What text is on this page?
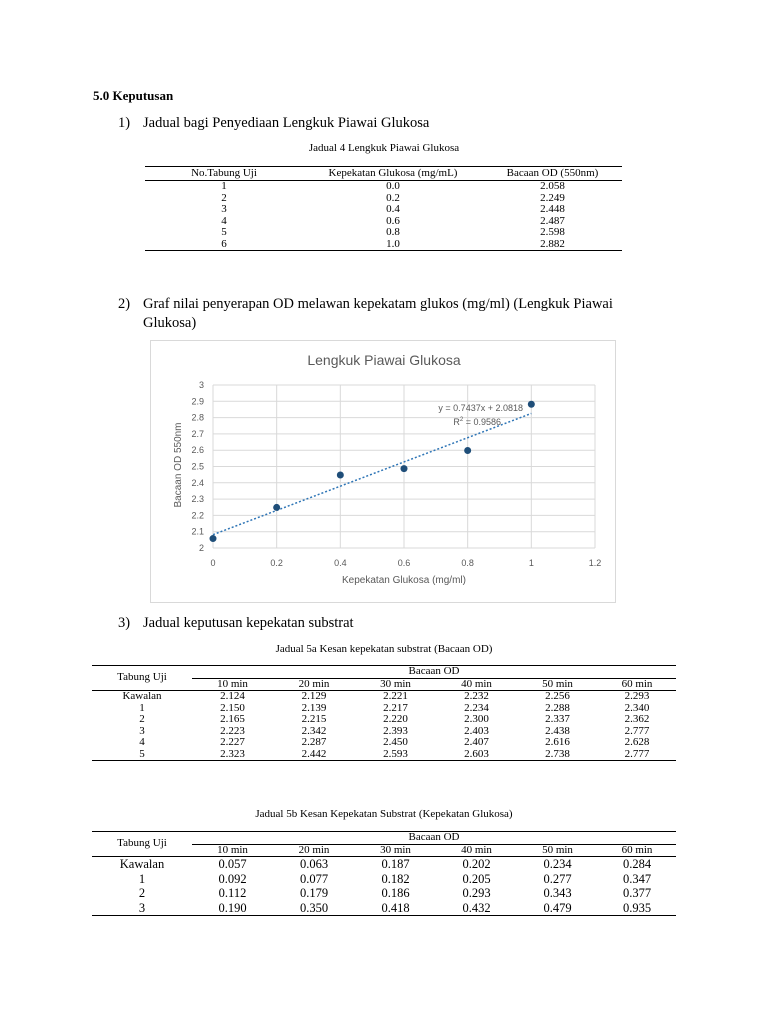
5.0 Keputusan
1) Jadual bagi Penyediaan Lengkuk Piawai Glukosa
Jadual 4 Lengkuk Piawai Glukosa
No.Tabung Uji	Kepekatan Glukosa (mg/mL)	Bacaan OD (550nm)
1	0.0	2.058
2	0.2	2.249
3	0.4	2.448
4	0.6	2.487
5	0.8	2.598
6	1.0	2.882
2) Graf nilai penyerapan OD melawan kepekatam glukos (mg/ml) (Lengkuk Piawai Glukosa)
Lengkuk Piawai Glukosa
2
2.1
2.2
2.3
2.4
2.5
2.6
2.7
2.8
2.9
3
0	0.2	0.4	0.6	0.8	1	1.2
y = 0.7437x + 2.0818
$R^2 = 0.9586$
Kepekatan Glukosa (mg/ml)
Bacaan OD 550nm
3) Jadual keputusan kepekatan substrat
Jadual 5a Kesan kepekatan substrat (Bacaan OD)
Tabung Uji	Bacaan OD					
	10 min	20 min	30 min	40 min	50 min	60 min
Kawalan	2.124	2.129	2.221	2.232	2.256	2.293
1	2.150	2.139	2.217	2.234	2.288	2.340
2	2.165	2.215	2.220	2.300	2.337	2.362
3	2.223	2.342	2.393	2.403	2.438	2.777
4	2.227	2.287	2.450	2.407	2.616	2.628
5	2.323	2.442	2.593	2.603	2.738	2.777
Jadual 5b Kesan Kepekatan Substrat (Kepekatan Glukosa)
Tabung Uji	Bacaan OD					
	10 min	20 min	30 min	40 min	50 min	60 min
Kawalan	0.057	0.063	0.187	0.202	0.234	0.284
1	0.092	0.077	0.182	0.205	0.277	0.347
2	0.112	0.179	0.186	0.293	0.343	0.377
3	0.190	0.350	0.418	0.432	0.479	0.935
